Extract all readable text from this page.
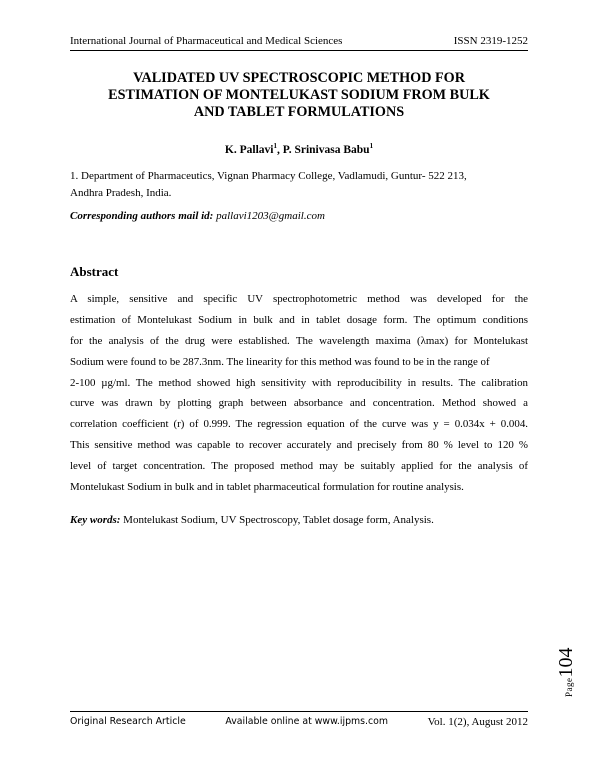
International Journal of Pharmaceutical and Medical Sciences	ISSN 2319-1252
VALIDATED UV SPECTROSCOPIC METHOD FOR
ESTIMATION OF MONTELUKAST SODIUM FROM BULK
AND TABLET FORMULATIONS
K. Pallavi$^1$, P. Srinivasa Babu$^1$
1. Department of Pharmaceutics, Vignan Pharmacy College, Vadlamudi, Guntur- 522 213,
Andhra Pradesh, India.
Corresponding authors mail id: pallavi1203@gmail.com
Abstract
A simple, sensitive and specific UV spectrophotometric method was developed for the
estimation of Montelukast Sodium in bulk and in tablet dosage form. The optimum conditions
for the analysis of the drug were established. The wavelength maxima (λmax) for Montelukast
Sodium were found to be 287.3nm. The linearity for this method was found to be in the range of
2-100 µg/ml. The method showed high sensitivity with reproducibility in results. The calibration
curve was drawn by plotting graph between absorbance and concentration. Method showed a
correlation coefficient (r) of 0.999. The regression equation of the curve was y = 0.034x + 0.004.
This sensitive method was capable to recover accurately and precisely from 80 % level to 120 %
level of target concentration. The proposed method may be suitably applied for the analysis of
Montelukast Sodium in bulk and in tablet pharmaceutical formulation for routine analysis.
Key words: Montelukast Sodium, UV Spectroscopy, Tablet dosage form, Analysis.
Page104
Original Research Article	Available online at www.ijpms.com	Vol. 1(2), August 2012
